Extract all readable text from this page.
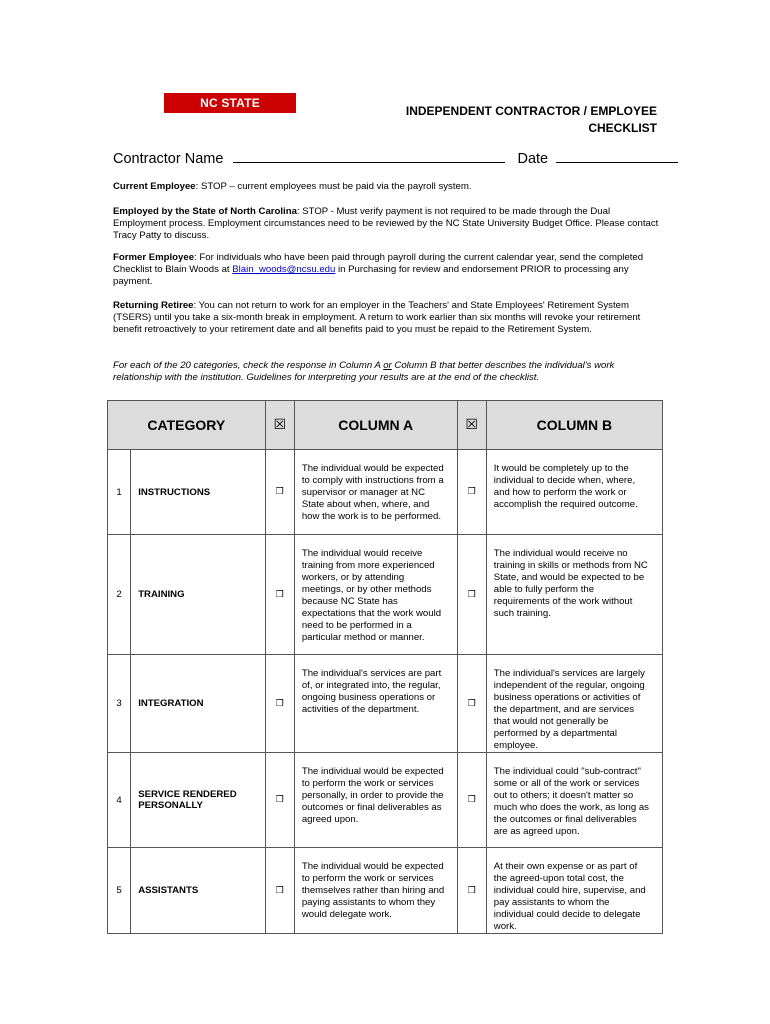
NC STATE UNIVERSITY
INDEPENDENT CONTRACTOR / EMPLOYEE
CHECKLIST
Contractor Name	Date
Current Employee: STOP – current employees must be paid via the payroll system.
Employed by the State of North Carolina: STOP - Must verify payment is not required to be made through the Dual Employment process. Employment circumstances need to be reviewed by the NC State University Budget Office. Please contact Tracy Patty to discuss.
Former Employee: For individuals who have been paid through payroll during the current calendar year, send the completed Checklist to Blain Woods at Blain_woods@ncsu.edu in Purchasing for review and endorsement PRIOR to processing any payment.
Returning Retiree: You can not return to work for an employer in the Teachers' and State Employees' Retirement System (TSERS) until you take a six-month break in employment. A return to work earlier than six months will revoke your retirement benefit retroactively to your retirement date and all benefits paid to you must be repaid to the Retirement System.
For each of the 20 categories, check the response in Column A or Column B that better describes the individual's work relationship with the institution. Guidelines for interpreting your results are at the end of the checklist.
CATEGORY		☒	COLUMN A	☒	COLUMN B
1	INSTRUCTIONS	❒	The individual would be expected to comply with instructions from a supervisor or manager at NC State about when, where, and how the work is to be performed.	❒	It would be completely up to the individual to decide when, where, and how to perform the work or accomplish the required outcome.

2	TRAINING	❒	The individual would receive training from more experienced workers, or by attending meetings, or by other methods because NC State has expectations that the work would need to be performed in a particular method or manner.	❒	The individual would receive no training in skills or methods from NC State, and would be expected to be able to fully perform the requirements of the work without such training.

3	INTEGRATION	❒	The individual's services are part of, or integrated into, the regular, ongoing business operations or activities of the department.	❒	The individual's services are largely independent of the regular, ongoing business operations or activities of the department, and are services that would not generally be performed by a departmental employee.

4	SERVICE RENDERED PERSONALLY	❒	The individual would be expected to perform the work or services personally, in order to provide the outcomes or final deliverables as agreed upon.	❒	The individual could "sub-contract" some or all of the work or services out to others; it doesn't matter so much who does the work, as long as the outcomes or final deliverables are as agreed upon.

5	ASSISTANTS	❒	The individual would be expected to perform the work or services themselves rather than hiring and paying assistants to whom they would delegate work.	❒	At their own expense or as part of the agreed-upon total cost, the individual could hire, supervise, and pay assistants to whom the individual could decide to delegate work.
